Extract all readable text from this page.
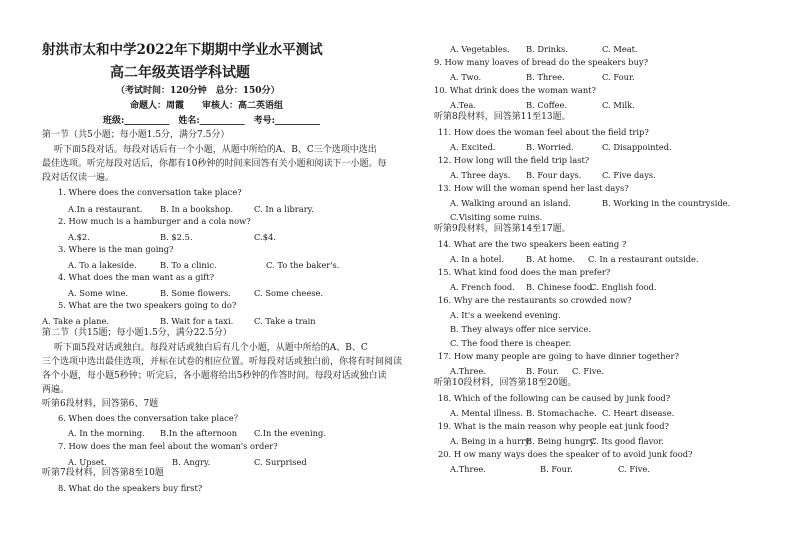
射洪市太和中学2022年下期期中学业水平测试
高二年级英语学科试题
（考试时间：120分钟　总分：150分）
命题人：周霞　　审核人：高二英语组
班级:__________　姓名:__________　考号:__________
第一节（共5小题；每小题1.5分，满分7.5分）
听下面5段对话。每段对话后有一个小题，从题中所给的A、B、C三个选项中选出
最佳选项。听完每段对话后，你都有10秒钟的时间来回答有关小题和阅读下一小题。每
段对话仅读一遍。
1. Where does the conversation take place?
A.In a restaurant. B. In a bookshop.	C. In a library.
2. How much is a hamburger and a cola now?
A.$2.	B. $2.5.	C.$4.
3. Where is the man going?
A. To a lakeside.	B. To a clinic.	C. To the baker's.
4. What does the man want as a gift?
A. Some wine.	B. Some flowers.	C. Some cheese.
5. What are the two speakers going to do?
A. Take a plane.	B. Wait for a taxi. C. Take a train
第二节（共15题；每小题1.5分，满分22.5分）
听下面5段对话或独白。每段对话或独白后有几个小题，从题中所给的A、B、C
三个选项中选出最佳选项，并标在试卷的相应位置。听每段对话或独白前，你将有时间阅读
各个小题，每小题5秒钟；听完后，各小题将给出5秒钟的作答时间。每段对话或独白读
两遍。
听第6段材料，回答第6、7题
6. When does the conversation take place？
A. In the morning. B.In the afternoon C.In the evening.
7. How does the man feel about the woman's order?
A. Upset.	B. Angry.	C. Surprised
听第7段材料，回答第8至10题
8. What do the speakers buy first?
A. Vegetables. B. Drinks.	C. Meat.
9. How many loaves of bread do the speakers buy?
A. Two.	B. Three.	C. Four.
10. What drink does the woman want?
A.Tea.	B. Coffee.	C. Milk.
听第8段材料，回答第11至13题。
11. How does the woman feel about the field trip?
A. Excited.	B. Worried.	C. Disappointed.
12. How long will the field trip last?
A. Three days. B. Four days. C. Five days.
13. How will the woman spend her last days?
A. Walking around an island.	B. Working in the countryside.
C.Visiting some ruins.
听第9段材料，回答第14至17题。
14. What are the two speakers been eating ?
A. In a hotel.	B. At home. C. In a restaurant outside.
15. What kind food does the man prefer?
A. French food. B. Chinese food.
C. English food.
16. Why are the restaurants so crowded now?
A. It's a weekend evening.
B. They always offer nice service.
C. The food there is cheaper.
17. How many people are going to have dinner together?
A.Three.	B. Four. C. Five.
听第10段材料，回答第18至20题。
18. Which of the following can be caused by junk food?
A. Mental illness. B. Stomachache. C. Heart disease.
19. What is the main reason why people eat junk food?
A. Being in a hurry.
B. Being hungry.
C. Its good flavor.
20. H ow many ways does the speaker of to avoid junk food?
A.Three.	B. Four.	C. Five.
